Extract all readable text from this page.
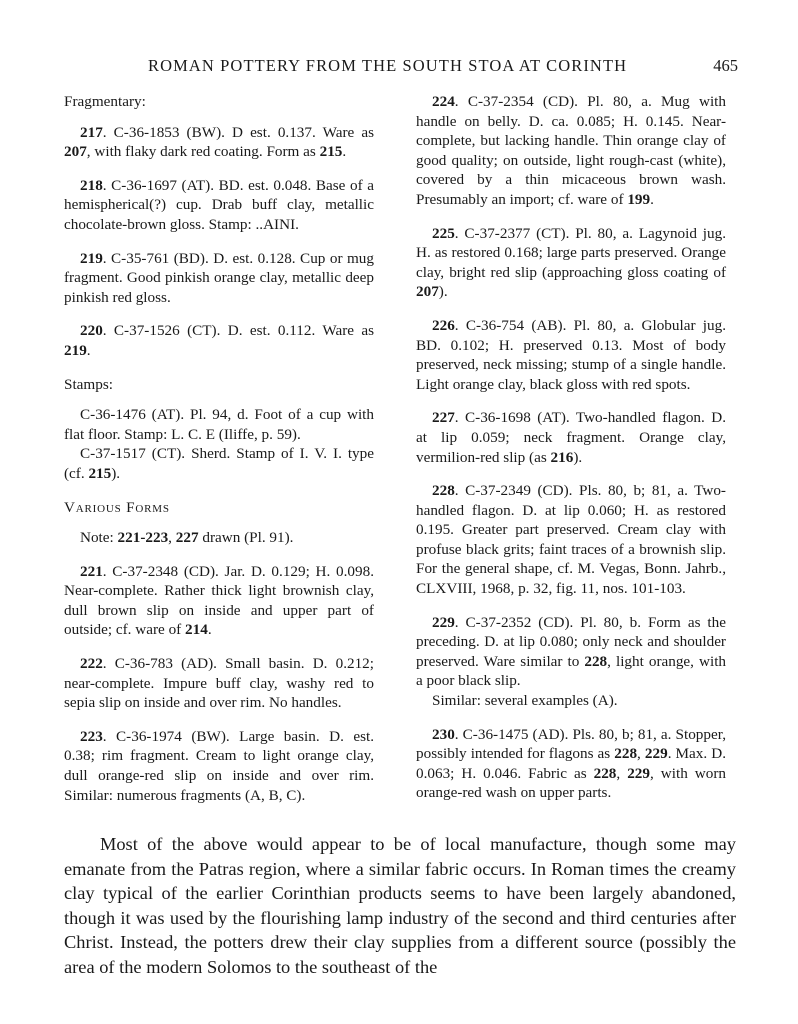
ROMAN POTTERY FROM THE SOUTH STOA AT CORINTH	465

Fragmentary:

217. C-36-1853 (BW). D est. 0.137. Ware as 207, with flaky dark red coating. Form as 215.

218. C-36-1697 (AT). BD. est. 0.048. Base of a hemispherical(?) cup. Drab buff clay, metallic chocolate-brown gloss. Stamp: ..AINI.

219. C-35-761 (BD). D. est. 0.128. Cup or mug fragment. Good pinkish orange clay, metallic deep pinkish red gloss.

220. C-37-1526 (CT). D. est. 0.112. Ware as 219.

Stamps:

C-36-1476 (AT). Pl. 94, d. Foot of a cup with flat floor. Stamp: L. C. E (Iliffe, p. 59).

C-37-1517 (CT). Sherd. Stamp of I. V. I. type (cf. 215).

Various Forms

Note: 221-223, 227 drawn (Pl. 91).

221. C-37-2348 (CD). Jar. D. 0.129; H. 0.098. Near-complete. Rather thick light brownish clay, dull brown slip on inside and upper part of outside; cf. ware of 214.

222. C-36-783 (AD). Small basin. D. 0.212; near-complete. Impure buff clay, washy red to sepia slip on inside and over rim. No handles.

223. C-36-1974 (BW). Large basin. D. est. 0.38; rim fragment. Cream to light orange clay, dull orange-red slip on inside and over rim. Similar: numerous fragments (A, B, C).

224. C-37-2354 (CD). Pl. 80, a. Mug with handle on belly. D. ca. 0.085; H. 0.145. Near-complete, but lacking handle. Thin orange clay of good quality; on outside, light rough-cast (white), covered by a thin micaceous brown wash. Presumably an import; cf. ware of 199.

225. C-37-2377 (CT). Pl. 80, a. Lagynoid jug. H. as restored 0.168; large parts preserved. Orange clay, bright red slip (approaching gloss coating of 207).

226. C-36-754 (AB). Pl. 80, a. Globular jug. BD. 0.102; H. preserved 0.13. Most of body preserved, neck missing; stump of a single handle. Light orange clay, black gloss with red spots.

227. C-36-1698 (AT). Two-handled flagon. D. at lip 0.059; neck fragment. Orange clay, vermilion-red slip (as 216).

228. C-37-2349 (CD). Pls. 80, b; 81, a. Two-handled flagon. D. at lip 0.060; H. as restored 0.195. Greater part preserved. Cream clay with profuse black grits; faint traces of a brownish slip. For the general shape, cf. M. Vegas, Bonn. Jahrb., CLXVIII, 1968, p. 32, fig. 11, nos. 101-103.

229. C-37-2352 (CD). Pl. 80, b. Form as the preceding. D. at lip 0.080; only neck and shoulder preserved. Ware similar to 228, light orange, with a poor black slip.

Similar: several examples (A).

230. C-36-1475 (AD). Pls. 80, b; 81, a. Stopper, possibly intended for flagons as 228, 229. Max. D. 0.063; H. 0.046. Fabric as 228, 229, with worn orange-red wash on upper parts.

Most of the above would appear to be of local manufacture, though some may emanate from the Patras region, where a similar fabric occurs. In Roman times the creamy clay typical of the earlier Corinthian products seems to have been largely abandoned, though it was used by the flourishing lamp industry of the second and third centuries after Christ. Instead, the potters drew their clay supplies from a different source (possibly the area of the modern Solomos to the southeast of the
